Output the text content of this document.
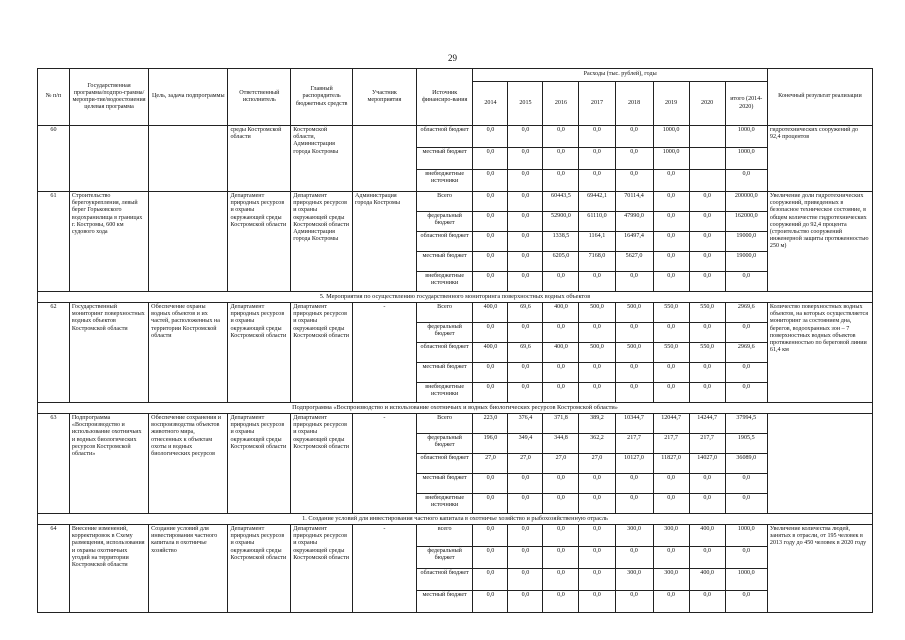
29
№ п/п	Государственная программа/подпро-грамма/меропри-тие/водоестоиения целевая программа	Цель, задача подпрограммы	Ответственный исполнитель	Главный распорядитель бюджетных средств	Участник мероприятия	Источник финансиро-вания	Расходы (тыс. рублей), годы								Конечный результат реализации
							2014	2015	2016	2017	2018	2019	2020	итого (2014-2020)	
60			среды Костромской области	Костромской области, Администрация города Костромы		областной бюджет	0,0	0,0	0,0	0,0	0,0	1000,0		1000,0	гидротехнических сооружений до 92,4 процентов
						местный бюджет	0,0	0,0	0,0	0,0	0,0	1000,0		1000,0	
						внебюджетные источники	0,0	0,0	0,0	0,0	0,0	0,0		0,0	
61	Строительство берегоукрепления, левый берег Горьковского водохранилища в границах г. Костромы, 600 км судового хода		Департамент природных ресурсов и охраны окружающей среды Костромской области	Департамент природных ресурсов и охраны окружающей среды Костромской области Администрация города Костромы	Администрация города Костромы	Всего	0,0	0,0	60443,5	69442,1	70114,4	0,0	0,0	200000,0	Увеличение доли гидротехнических сооружений, приведенных в безопасное техническое состояние, в общем количестве гидротехнических сооружений до 92,4 процента (строительство сооружений инженерной защиты протяженностью 250 м)
						федеральный бюджет	0,0	0,0	52900,0	61110,0	47990,0	0,0	0,0	162000,0	
						областной бюджет	0,0	0,0	1338,5	1164,1	16497,4	0,0	0,0	19000,0	
						местный бюджет	0,0	0,0	6205,0	7168,0	5627,0	0,0	0,0	19000,0	
						внебюджетные источники	0,0	0,0	0,0	0,0	0,0	0,0	0,0	0,0	
5. Мероприятия по осуществлению государственного мониторинга поверхностных водных объектов															
62	Государственный мониторинг поверхностных водных объектов Костромской области	Обеспечение охраны водных объектов и их частей, расположенных на территории Костромской области	Департамент природных ресурсов и охраны окружающей среды Костромской области	Департамент природных ресурсов и охраны окружающей среды Костромской области	-	Всего	400,0	69,6	400,0	500,0	500,0	550,0	550,0	2969,6	Количество поверхностных водных объектов, на которых осуществляется мониторинг за состоянием дна, берегов, водоохранных зон – 7 поверхностных водных объектов протяженностью по береговой линии 61,4 км
						федеральный бюджет	0,0	0,0	0,0	0,0	0,0	0,0	0,0	0,0	
						областной бюджет	400,0	69,6	400,0	500,0	500,0	550,0	550,0	2969,6	
						местный бюджет	0,0	0,0	0,0	0,0	0,0	0,0	0,0	0,0	
						внебюджетные источники	0,0	0,0	0,0	0,0	0,0	0,0	0,0	0,0	
Подпрограмма «Воспроизводство и использование охотничьих и водных биологических ресурсов Костромской области»															
63	Подпрограмма «Воспроизводство и использование охотничьих и водных биологических ресурсов Костромской области»	Обеспечение сохранения и воспроизводства объектов животного мира, отнесенных к объектам охоты и водных биологических ресурсов	Департамент природных ресурсов и охраны окружающей среды Костромской области	Департамент природных ресурсов и охраны окружающей среды Костромской области	-	Всего	223,0	376,4	371,8	389,2	10344,7	12044,7	14244,7	37994,5	
						федеральный бюджет	196,0	349,4	344,8	362,2	217,7	217,7	217,7	1905,5	
						областной бюджет	27,0	27,0	27,0	27,0	10127,0	11827,0	14027,0	36089,0	
						местный бюджет	0,0	0,0	0,0	0,0	0,0	0,0	0,0	0,0	
						внебюджетные источники	0,0	0,0	0,0	0,0	0,0	0,0	0,0	0,0	
1. Создание условий для инвестирования частного капитала в охотничье хозяйство и рыбохозяйственную отрасль															
64	Внесение изменений, корректировок в Схему размещения, использования и охраны охотничьих угодий на территории Костромской области	Создание условий для инвестирования частного капитала в охотничье хозяйство	Департамент природных ресурсов и охраны окружающей среды Костромской области	Департамент природных ресурсов и охраны окружающей среды Костромской области	-	всего	0,0	0,0	0,0	0,0	300,0	300,0	400,0	1000,0	Увеличение количества людей, занятых в отрасли, от 195 человек в 2013 году до 450 человек в 2020 году
						федеральный бюджет	0,0	0,0	0,0	0,0	0,0	0,0	0,0	0,0	
						областной бюджет	0,0	0,0	0,0	0,0	300,0	300,0	400,0	1000,0	
						местный бюджет	0,0	0,0	0,0	0,0	0,0	0,0	0,0	0,0	
